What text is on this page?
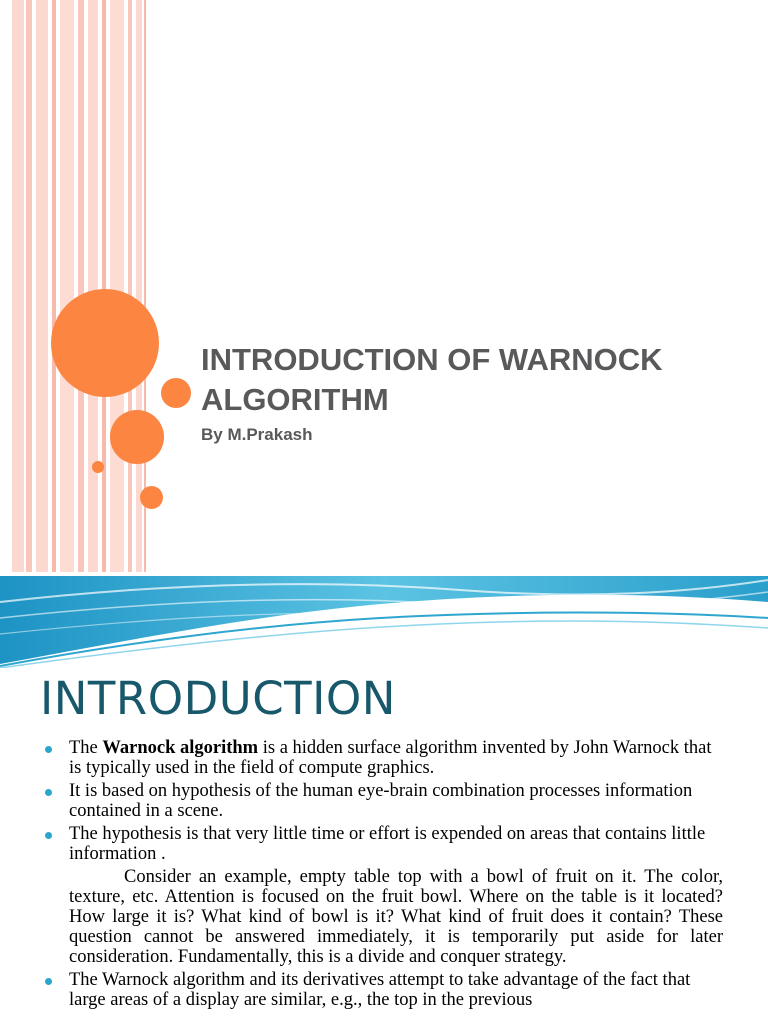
INTRODUCTION OF WARNOCK ALGORITHM

By M.Prakash

INTRODUCTION

The Warnock algorithm is a hidden surface algorithm invented by John Warnock that is typically used in the field of compute graphics.

It is based on hypothesis of the human eye-brain combination processes information contained in a scene.

The hypothesis is that very little time or effort is expended on areas that contains little information .

Consider an example, empty table top with a bowl of fruit on it. The color, texture, etc. Attention is focused on the fruit bowl. Where on the table is it located? How large it is? What kind of bowl is it? What kind of fruit does it contain? These question cannot be answered immediately, it is temporarily put aside for later consideration. Fundamentally, this is a divide and conquer strategy.

The Warnock algorithm and its derivatives attempt to take advantage of the fact that large areas of a display are similar, e.g., the top in the previous
